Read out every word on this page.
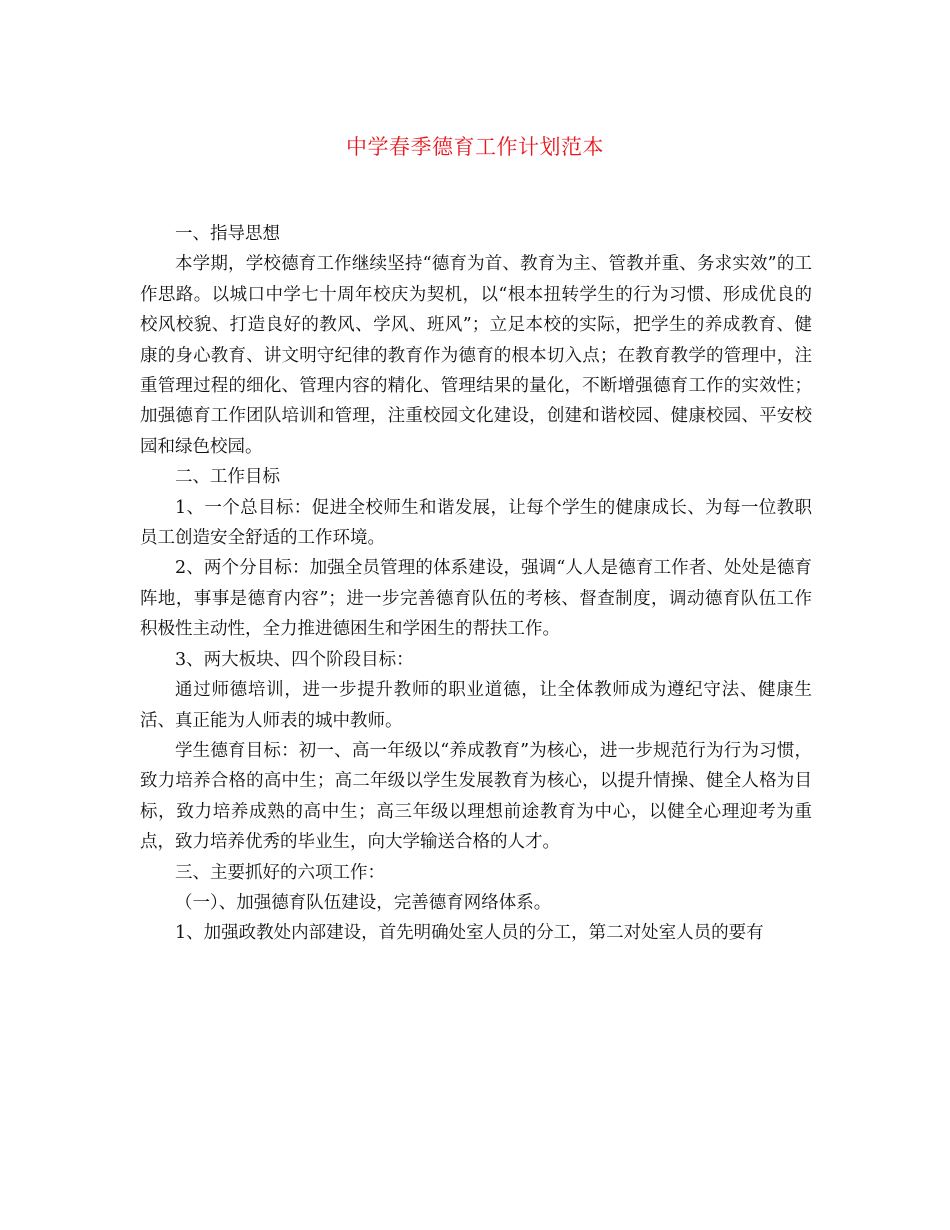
中学春季德育工作计划范本

一、指导思想

本学期，学校德育工作继续坚持“德育为首、教育为主、管教并重、务求实效”的工作思路。以城口中学七十周年校庆为契机，以“根本扭转学生的行为习惯、形成优良的校风校貌、打造良好的教风、学风、班风”；立足本校的实际，把学生的养成教育、健康的身心教育、讲文明守纪律的教育作为德育的根本切入点；在教育教学的管理中，注重管理过程的细化、管理内容的精化、管理结果的量化，不断增强德育工作的实效性；加强德育工作团队培训和管理，注重校园文化建设，创建和谐校园、健康校园、平安校园和绿色校园。

二、工作目标

1、一个总目标：促进全校师生和谐发展，让每个学生的健康成长、为每一位教职员工创造安全舒适的工作环境。

2、两个分目标：加强全员管理的体系建设，强调“人人是德育工作者、处处是德育阵地，事事是德育内容”；进一步完善德育队伍的考核、督查制度，调动德育队伍工作积极性主动性，全力推进德困生和学困生的帮扶工作。

3、两大板块、四个阶段目标：

通过师德培训，进一步提升教师的职业道德，让全体教师成为遵纪守法、健康生活、真正能为人师表的城中教师。

学生德育目标：初一、高一年级以“养成教育”为核心，进一步规范行为行为习惯，致力培养合格的高中生；高二年级以学生发展教育为核心，以提升情操、健全人格为目标，致力培养成熟的高中生；高三年级以理想前途教育为中心，以健全心理迎考为重点，致力培养优秀的毕业生，向大学输送合格的人才。

三、主要抓好的六项工作：

（一）、加强德育队伍建设，完善德育网络体系。

1、加强政教处内部建设，首先明确处室人员的分工，第二对处室人员的要有
